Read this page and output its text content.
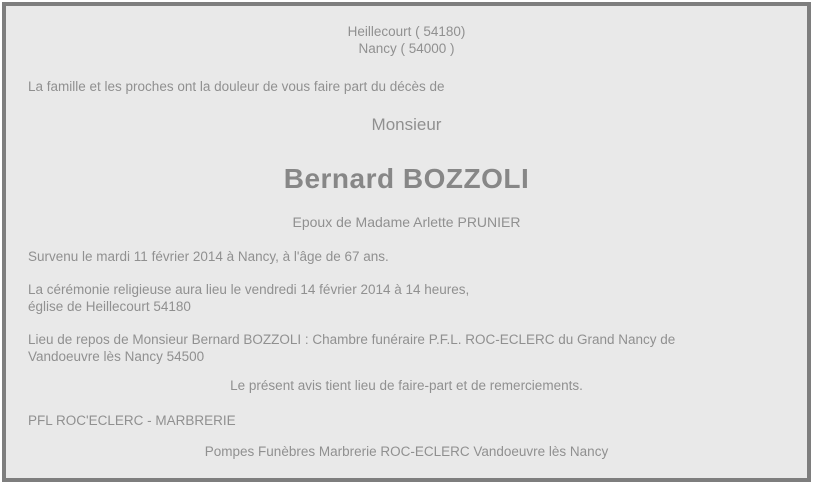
Heillecourt ( 54180)

Nancy ( 54000 )

La famille et les proches ont la douleur de vous faire part du décès de

Monsieur

Bernard BOZZOLI

Epoux de Madame Arlette PRUNIER

Survenu le mardi 11 février 2014 à Nancy, à l'âge de 67 ans.

La cérémonie religieuse aura lieu le vendredi 14 février 2014 à 14 heures,

église de Heillecourt 54180

Lieu de repos de Monsieur Bernard BOZZOLI : Chambre funéraire P.F.L. ROC-ECLERC du Grand Nancy de

Vandoeuvre lès Nancy 54500

Le présent avis tient lieu de faire-part et de remerciements.

PFL ROC'ECLERC - MARBRERIE

Pompes Funèbres Marbrerie ROC-ECLERC Vandoeuvre lès Nancy
